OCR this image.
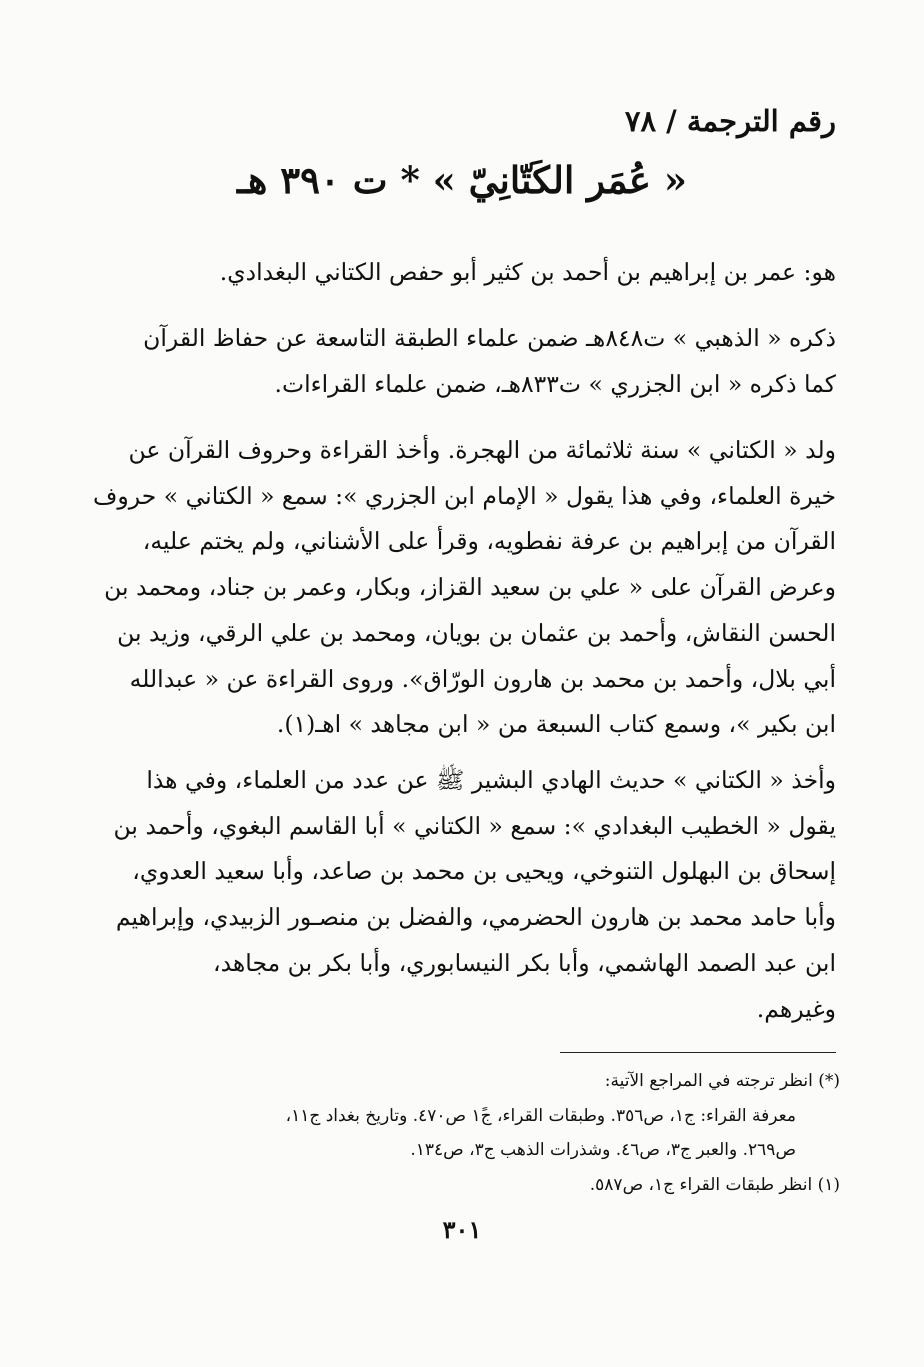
رقم الترجمة / ٧٨
« عُمَر الكَتّانِيّ » * ت ٣٩٠ هـ

هو: عمر بن إبراهيم بن أحمد بن كثير أبو حفص الكتاني البغدادي.

ذكره « الذهبي » ت٨٤٨هـ ضمن علماء الطبقة التاسعة عن حفاظ القرآن
كما ذكره « ابن الجزري » ت٨٣٣هـ، ضمن علماء القراءات.

ولد « الكتاني » سنة ثلاثمائة من الهجرة. وأخذ القراءة وحروف القرآن عن
خيرة العلماء، وفي هذا يقول « الإمام ابن الجزري »: سمع « الكتاني » حروف
القرآن من إبراهيم بن عرفة نفطويه، وقرأ على الأشناني، ولم يختم عليه،
وعرض القرآن على « علي بن سعيد القزاز، وبكار، وعمر بن جناد، ومحمد بن
الحسن النقاش، وأحمد بن عثمان بن بويان، ومحمد بن علي الرقي، وزيد بن
أبي بلال، وأحمد بن محمد بن هارون الورّاق». وروى القراءة عن « عبدالله
ابن بكير »، وسمع كتاب السبعة من « ابن مجاهد » اهـ(١).

وأخذ « الكتاني » حديث الهادي البشير ﷺ عن عدد من العلماء، وفي هذا
يقول « الخطيب البغدادي »: سمع « الكتاني » أبا القاسم البغوي، وأحمد بن
إسحاق بن البهلول التنوخي، ويحيى بن محمد بن صاعد، وأبا سعيد العدوي،
وأبا حامد محمد بن هارون الحضرمي، والفضل بن منصـور الزبيدي، وإبراهيم
ابن عبد الصمد الهاشمي، وأبا بكر النيسابوري، وأبا بكر بن مجاهد،
وغيرهم.

(*) انظر ترجته في المراجع الآتية:
معرفة القراء: ج١، ص٣٥٦. وطبقات القراء، ج١ً ص٤٧٠. وتاريخ بغداد ج١١،
ص٢٦٩. والعبر ج٣، ص٤٦. وشذرات الذهب ج٣، ص١٣٤.
(١) انظر طبقات القراء ج١، ص٥٨٧.
٣٠١
